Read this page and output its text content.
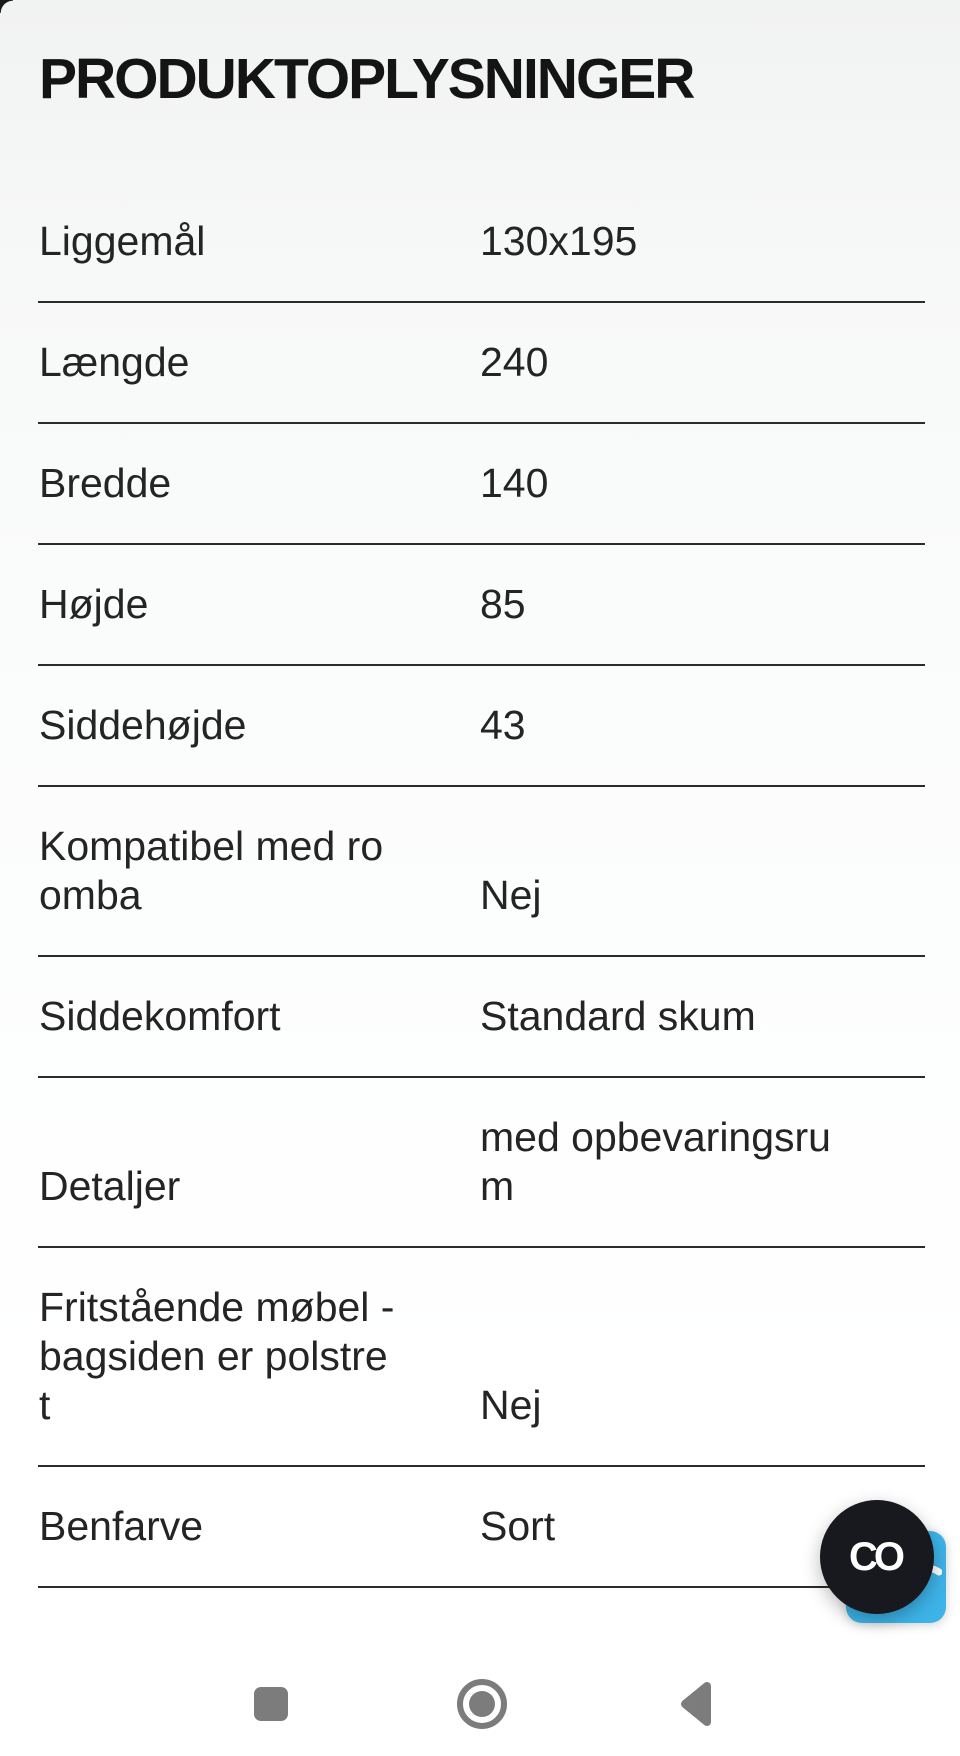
PRODUKTOPLYSNINGER
Liggemål	130x195
Længde	240
Bredde	140
Højde	85
Siddehøjde	43
Kompatibel med roomba	Nej
Siddekomfort	Standard skum
Detaljer	med opbevaringsrum
Fritstående møbel - bagsiden er polstret	Nej
Benfarve	Sort
CO
